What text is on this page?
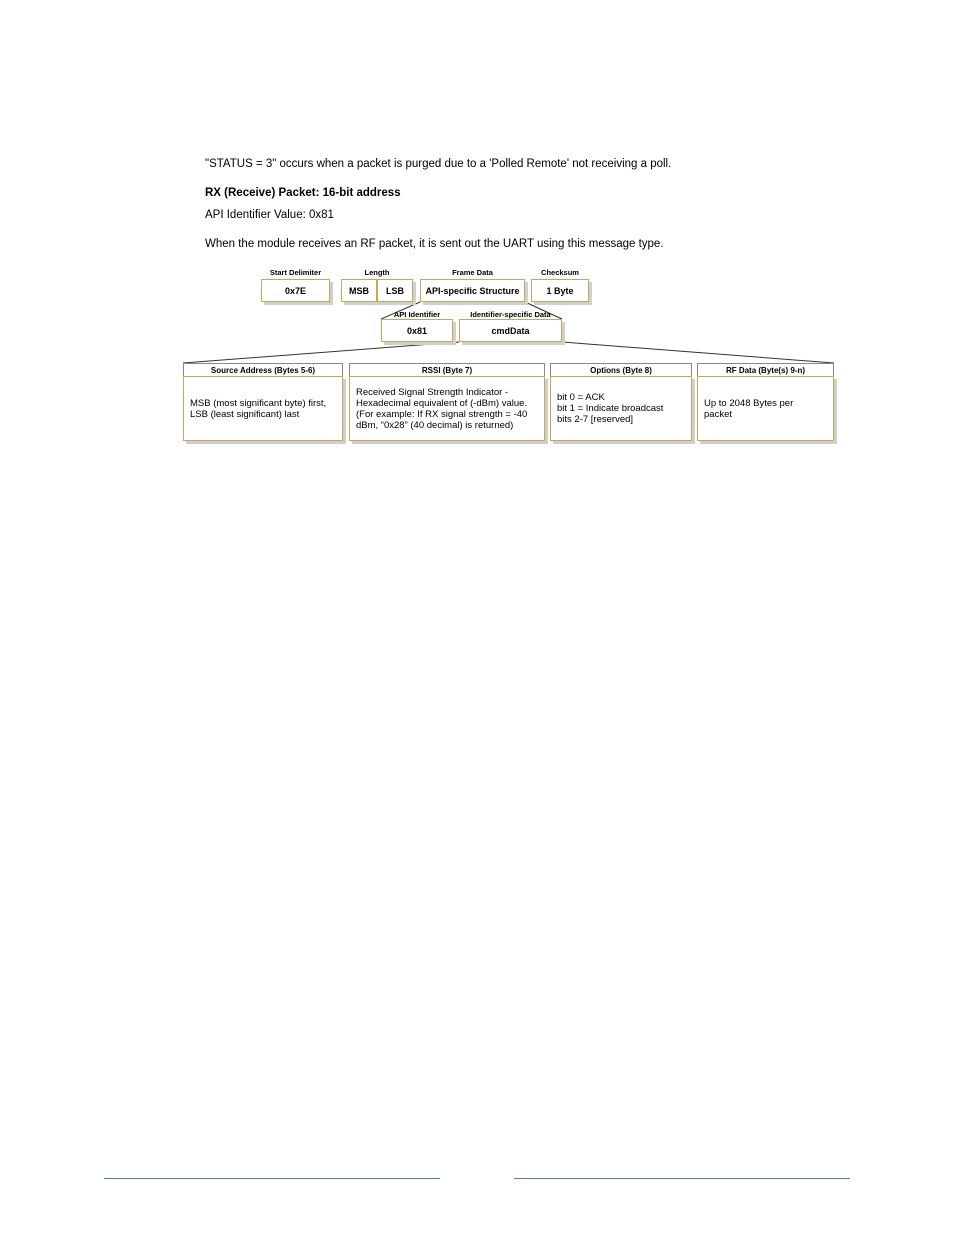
"STATUS = 3" occurs when a packet is purged due to a 'Polled Remote' not receiving a poll.
RX (Receive) Packet: 16-bit address
API Identifier Value: 0x81
When the module receives an RF packet, it is sent out the UART using this message type.
Start Delimiter	Length	Frame Data	Checksum
0x7E	MSB	LSB	API-specific Structure	1 Byte
API Identifier	Identifier-specific Data
0x81	cmdData
Source Address (Bytes 5-6)	RSSI (Byte 7)	Options (Byte 8)	RF Data (Byte(s) 9-n)
MSB (most significant byte) first,
LSB (least significant) last
Received Signal Strength Indicator -
Hexadecimal equivalent of (-dBm) value.
(For example: If RX signal strength = -40
dBm, “0x28” (40 decimal) is returned)
bit 0 = ACK
bit 1 = Indicate broadcast
bits 2-7 [reserved]
Up to 2048 Bytes per
packet
